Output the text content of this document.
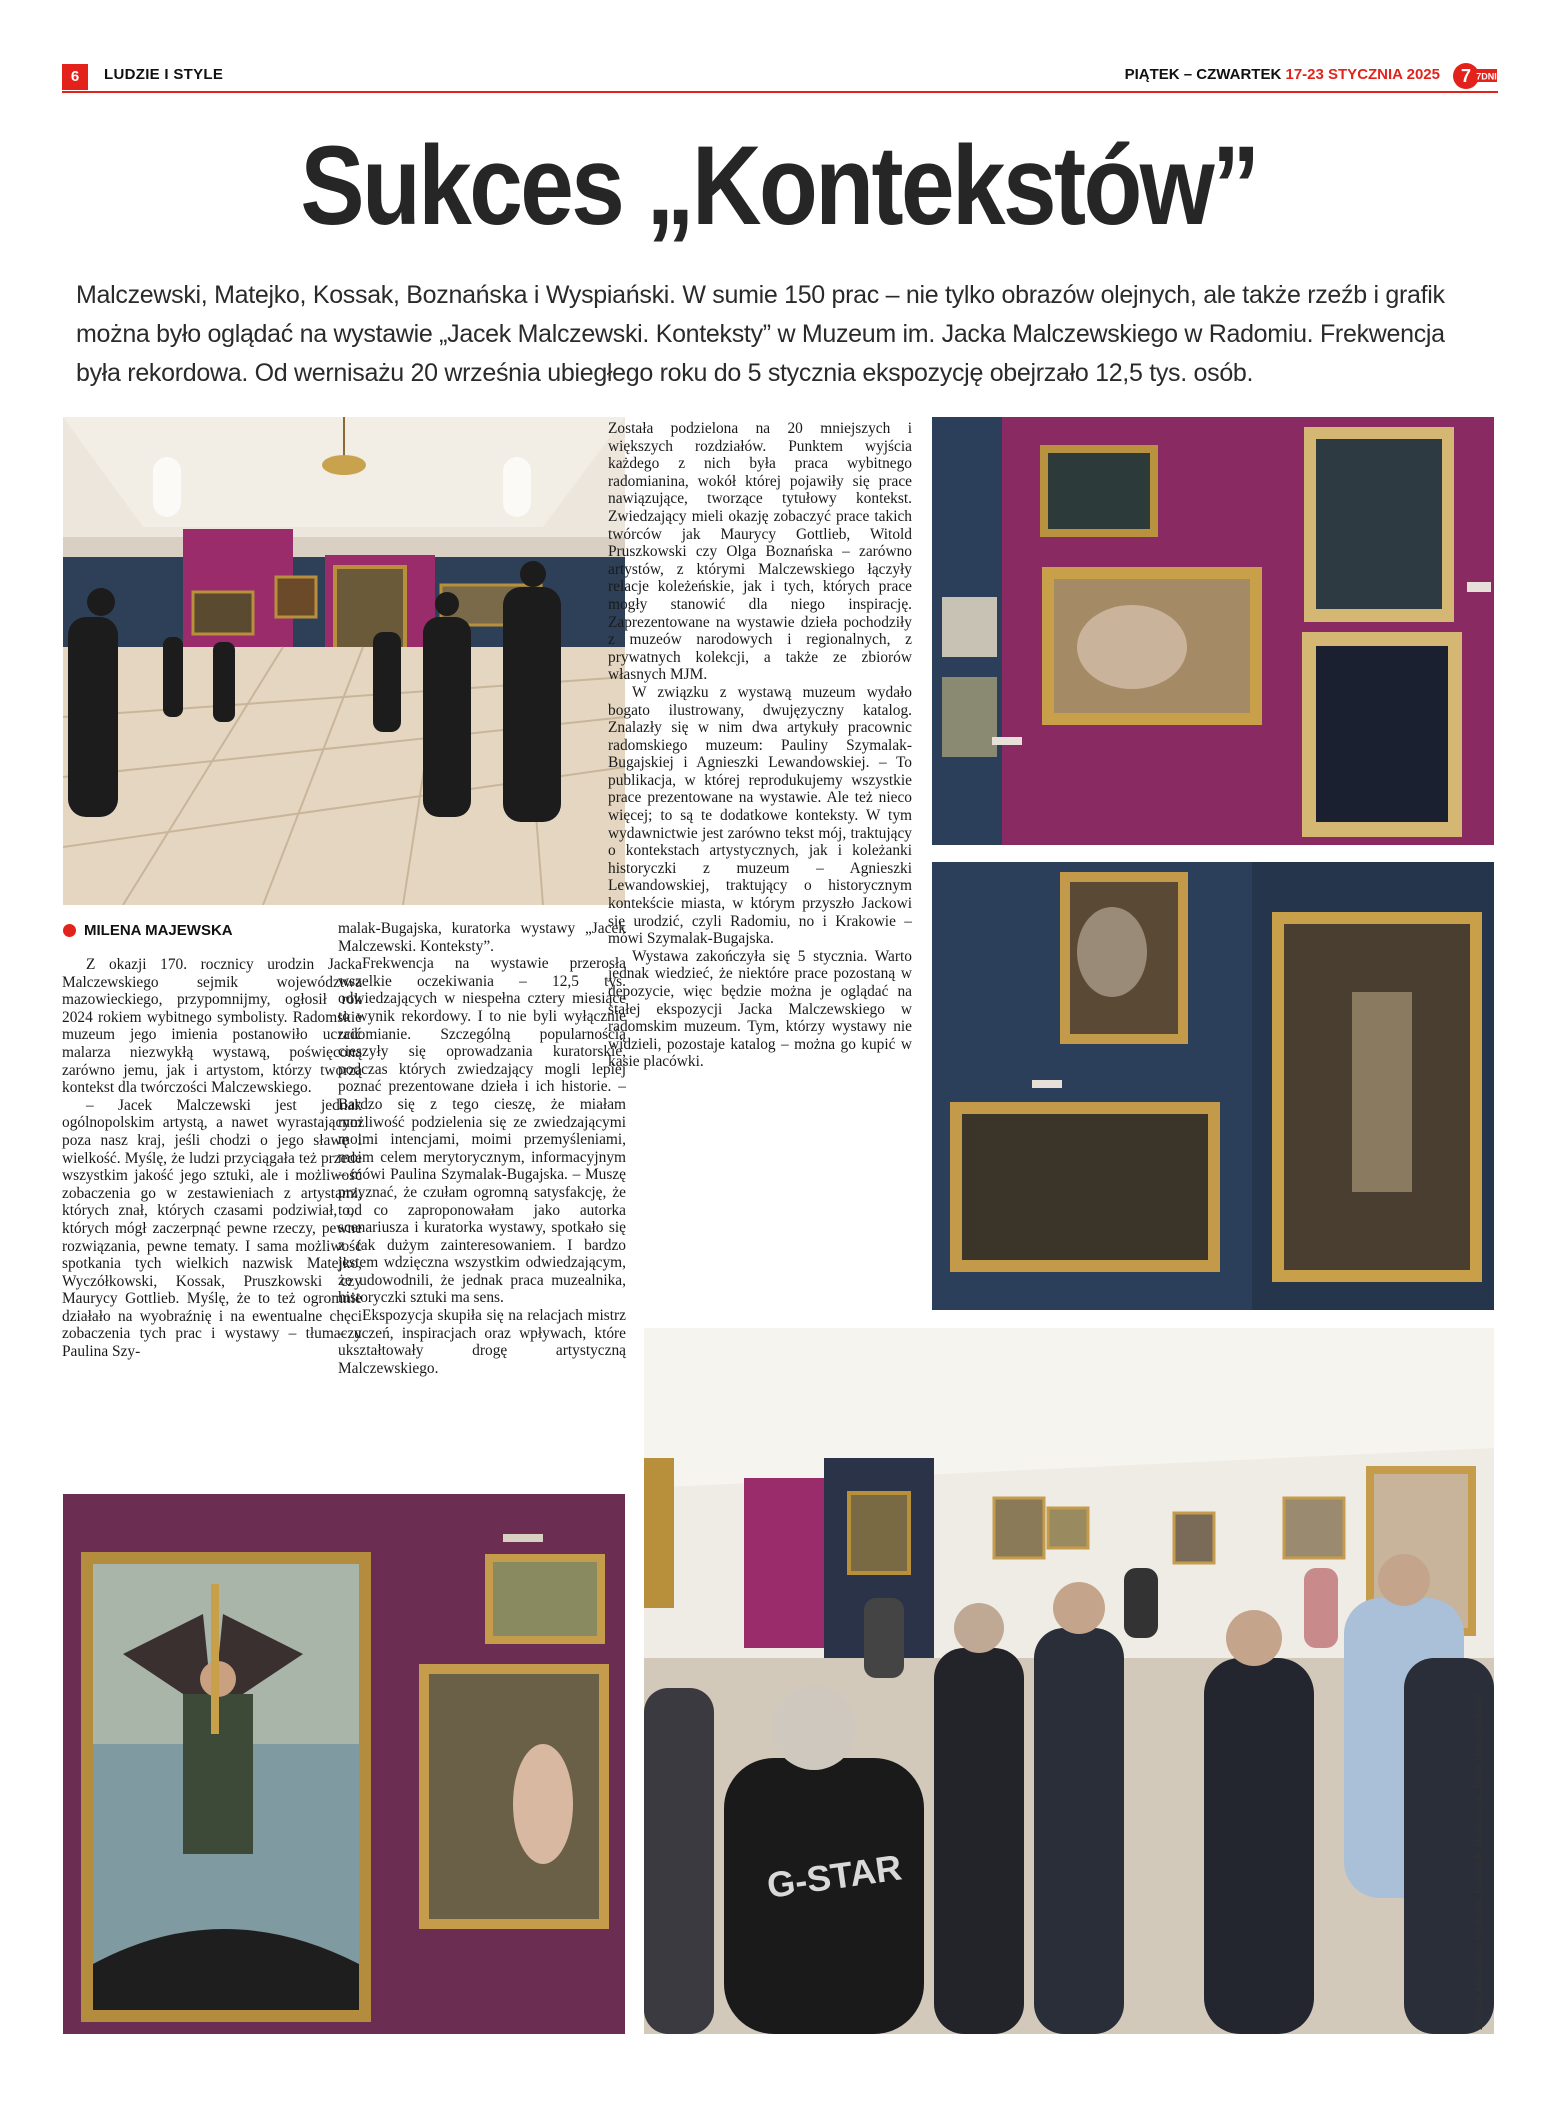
6	LUDZIE I STYLE	PIĄTEK – CZWARTEK 17-23 STYCZNIA 2025 7 7DNI
Sukces „Kontekstów”
Malczewski, Matejko, Kossak, Boznańska i Wyspiański. W sumie 150 prac – nie tylko obrazów olejnych, ale także rzeźb i grafik można było oglądać na wystawie „Jacek Malczewski. Konteksty” w Muzeum im. Jacka Malczewskiego w Radomiu. Frekwencja była rekordowa. Od wernisażu 20 września ubiegłego roku do 5 stycznia ekspozycję obejrzało 12,5 tys. osób.
G-STAR	Zdjęcia: Aleksandra Podlaska, facebook: Muzeum im. Jacka Malczewskiego
MILENA MAJEWSKA

Z okazji 170. rocznicy urodzin Jacka Malczewskiego sejmik województwa mazowieckiego, przypomnijmy, ogłosił rok 2024 rokiem wybitnego symbolisty. Radomskie muzeum jego imienia postanowiło uczcić malarza niezwykłą wystawą, poświęconą zarówno jemu, jak i artystom, którzy tworzą kontekst dla twórczości Malczewskiego.

– Jacek Malczewski jest jednak ogólnopolskim artystą, a nawet wyrastającym poza nasz kraj, jeśli chodzi o jego sławę i wielkość. Myślę, że ludzi przyciągała też przede wszystkim jakość jego sztuki, ale i możliwość zobaczenia go w zestawieniach z artystami, których znał, których czasami podziwiał, od których mógł zaczerpnąć pewne rzeczy, pewne rozwiązania, pewne tematy. I sama możliwość spotkania tych wielkich nazwisk Matejko, Wyczółkowski, Kossak, Pruszkowski czy Maurycy Gottlieb. Myślę, że to też ogromnie działało na wyobraźnię i na ewentualne chęci zobaczenia tych prac i wystawy – tłumaczy Paulina Szy-

malak-Bugajska, kuratorka wystawy „Jacek Malczewski. Konteksty”.

Frekwencja na wystawie przerosła wszelkie oczekiwania – 12,5 tys. odwiedzających w niespełna cztery miesiące to wynik rekordowy. I to nie byli wyłącznie radomianie. Szczególną popularnością cieszyły się oprowadzania kuratorskie, podczas których zwiedzający mogli lepiej poznać prezentowane dzieła i ich historie. – Bardzo się z tego cieszę, że miałam możliwość podzielenia się ze zwiedzającymi moimi intencjami, moimi przemyśleniami, moim celem merytorycznym, informacyjnym – mówi Paulina Szymalak-Bugajska. – Muszę przyznać, że czułam ogromną satysfakcję, że to, co zaproponowałam jako autorka scenariusza i kuratorka wystawy, spotkało się z tak dużym zainteresowaniem. I bardzo jestem wdzięczna wszystkim odwiedzającym, że udowodnili, że jednak praca muzealnika, historyczki sztuki ma sens.

Ekspozycja skupiła się na relacjach mistrz – uczeń, inspiracjach oraz wpływach, które ukształtowały drogę artystyczną Malczewskiego.

Została podzielona na 20 mniejszych i większych rozdziałów. Punktem wyjścia każdego z nich była praca wybitnego radomianina, wokół której pojawiły się prace nawiązujące, tworzące tytułowy kontekst. Zwiedzający mieli okazję zobaczyć prace takich twórców jak Maurycy Gottlieb, Witold Pruszkowski czy Olga Boznańska – zarówno artystów, z którymi Malczewskiego łączyły relacje koleżeńskie, jak i tych, których prace mogły stanowić dla niego inspirację. Zaprezentowane na wystawie dzieła pochodziły z muzeów narodowych i regionalnych, z prywatnych kolekcji, a także ze zbiorów własnych MJM.

W związku z wystawą muzeum wydało bogato ilustrowany, dwujęzyczny katalog. Znalazły się w nim dwa artykuły pracownic radomskiego muzeum: Pauliny Szymalak-Bugajskiej i Agnieszki Lewandowskiej. – To publikacja, w której reprodukujemy wszystkie prace prezentowane na wystawie. Ale też nieco więcej; to są te dodatkowe konteksty. W tym wydawnictwie jest zarówno tekst mój, traktujący o kontekstach artystycznych, jak i koleżanki historyczki z muzeum – Agnieszki Lewandowskiej, traktujący o historycznym kontekście miasta, w którym przyszło Jackowi się urodzić, czyli Radomiu, no i Krakowie – mówi Szymalak-Bugajska.

Wystawa zakończyła się 5 stycznia. Warto jednak wiedzieć, że niektóre prace pozostaną w depozycie, więc będzie można je oglądać na stałej ekspozycji Jacka Malczewskiego w radomskim muzeum. Tym, którzy wystawy nie widzieli, pozostaje katalog – można go kupić w kasie placówki.
